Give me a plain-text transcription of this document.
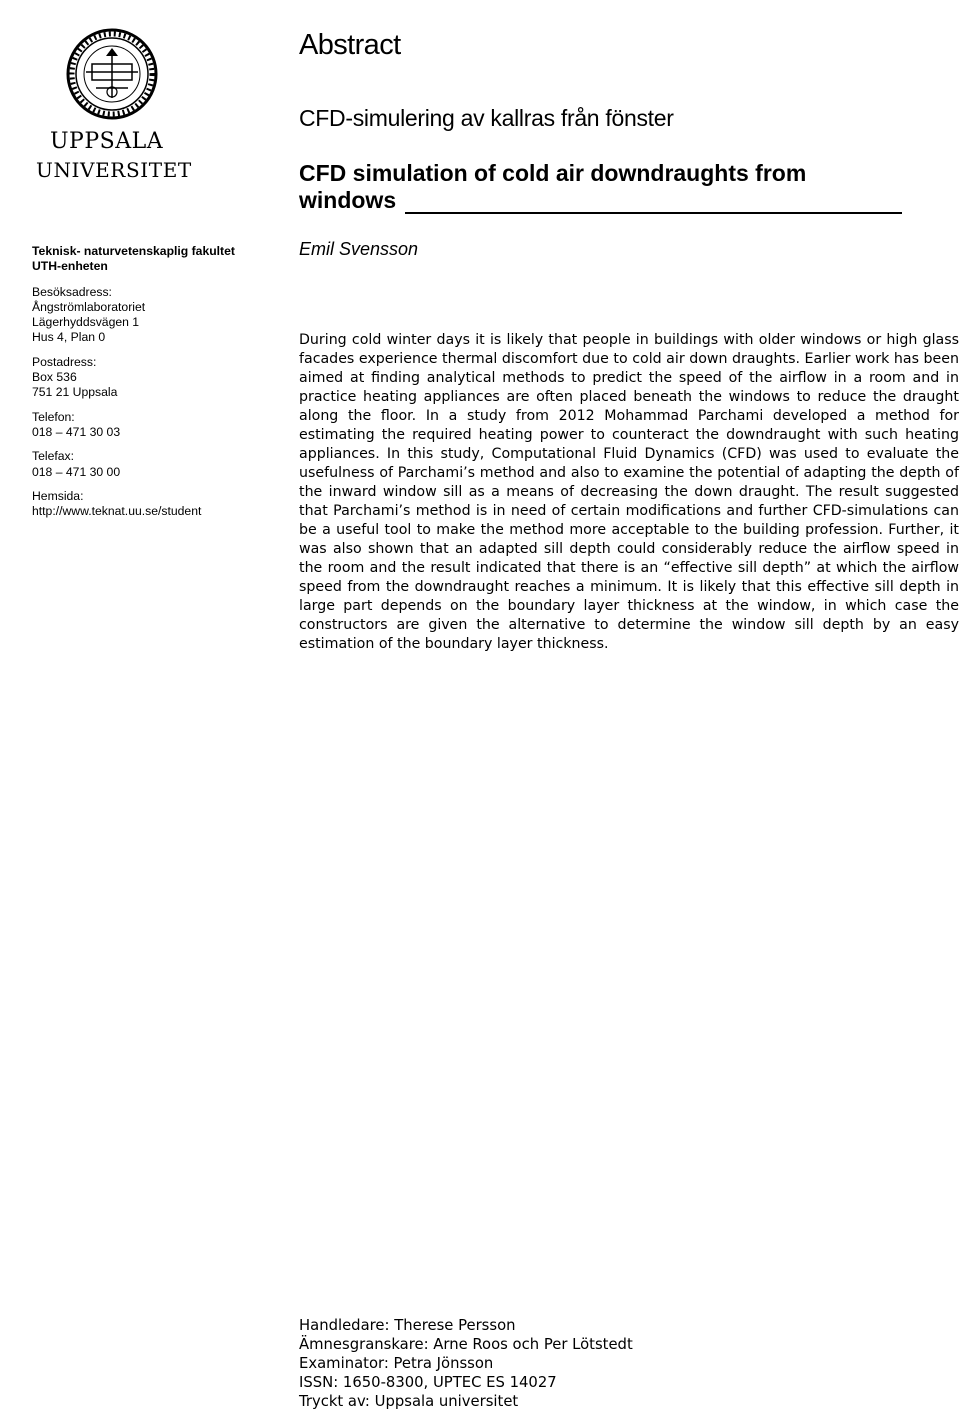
UPPSALA
UNIVERSITET
Teknisk- naturvetenskaplig fakultet
UTH-enheten
Besöksadress:
Ångströmlaboratoriet
Lägerhyddsvägen 1
Hus 4, Plan 0
Postadress:
Box 536
751 21 Uppsala
Telefon:
018 – 471 30 03
Telefax:
018 – 471 30 00
Hemsida:
http://www.teknat.uu.se/student
Abstract
CFD-simulering av kallras från fönster
CFD simulation of cold air downdraughts from windows
Emil Svensson

During cold winter days it is likely that people in buildings with older windows or high glass facades experience thermal discomfort due to cold air down draughts. Earlier work has been aimed at finding analytical methods to predict the speed of the airflow in a room and in practice heating appliances are often placed beneath the windows to reduce the draught along the floor. In a study from 2012 Mohammad Parchami developed a method for estimating the required heating power to counteract the downdraught with such heating appliances. In this study, Computational Fluid Dynamics (CFD) was used to evaluate the usefulness of Parchami’s method and also to examine the potential of adapting the depth of the inward window sill as a means of decreasing the down draught. The result suggested that Parchami’s method is in need of certain modifications and further CFD-simulations can be a useful tool to make the method more acceptable to the building profession. Further, it was also shown that an adapted sill depth could considerably reduce the airflow speed in the room and the result indicated that there is an “effective sill depth” at which the airflow speed from the downdraught reaches a minimum. It is likely that this effective sill depth in large part depends on the boundary layer thickness at the window, in which case the constructors are given the alternative to determine the window sill depth by an easy estimation of the boundary layer thickness.

Handledare: Therese Persson
Ämnesgranskare: Arne Roos och Per Lötstedt
Examinator: Petra Jönsson
ISSN: 1650-8300, UPTEC ES 14027
Tryckt av: Uppsala universitet
